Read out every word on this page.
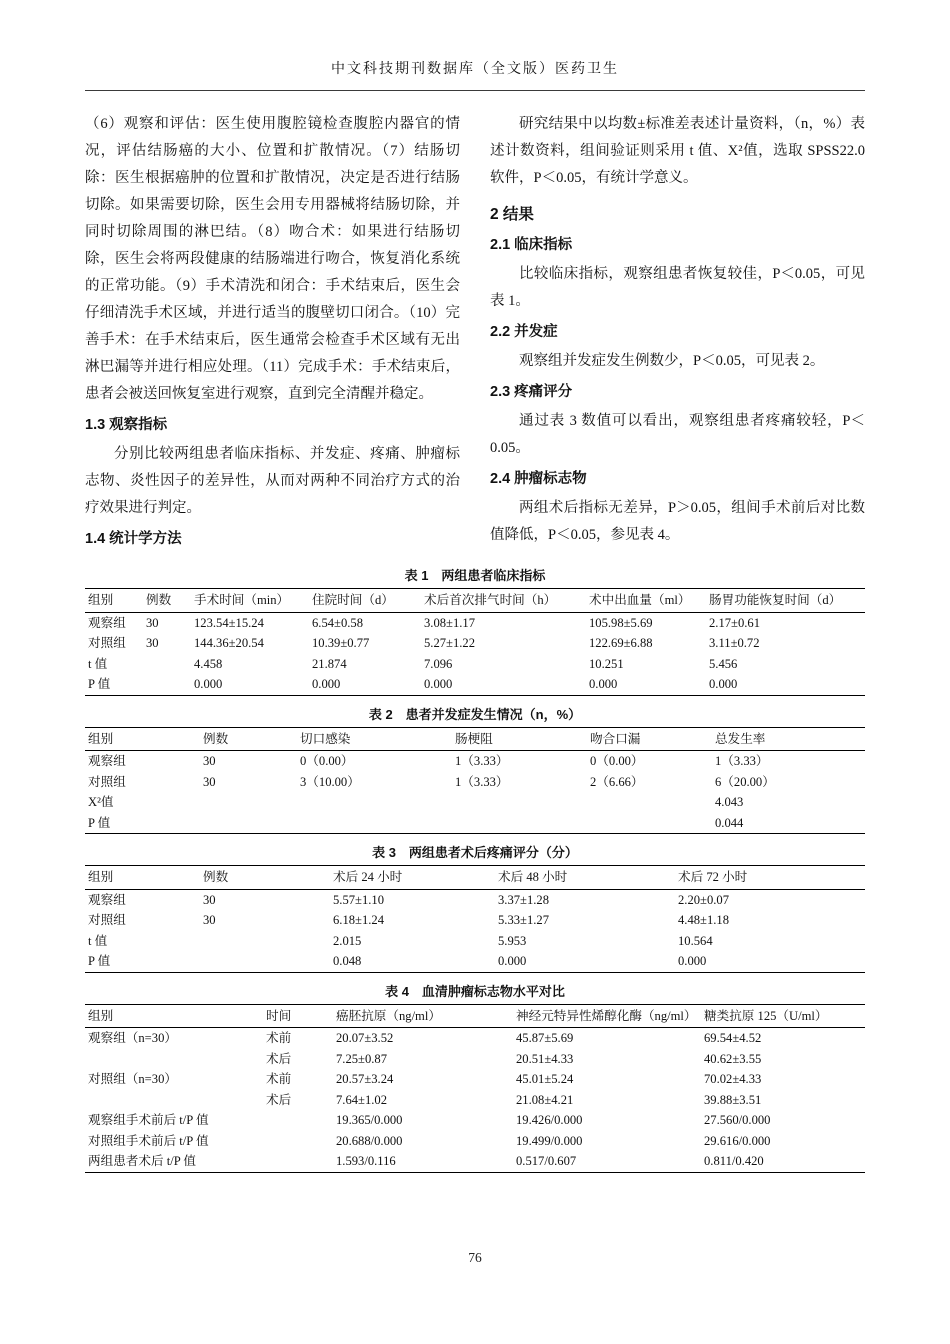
中文科技期刊数据库（全文版）医药卫生

（6）观察和评估：医生使用腹腔镜检查腹腔内器官的情况，评估结肠癌的大小、位置和扩散情况。（7）结肠切除：医生根据癌肿的位置和扩散情况，决定是否进行结肠切除。如果需要切除，医生会用专用器械将结肠切除，并同时切除周围的淋巴结。（8）吻合术：如果进行结肠切除，医生会将两段健康的结肠端进行吻合，恢复消化系统的正常功能。（9）手术清洗和闭合：手术结束后，医生会仔细清洗手术区域，并进行适当的腹壁切口闭合。（10）完善手术：在手术结束后，医生通常会检查手术区域有无出淋巴漏等并进行相应处理。（11）完成手术：手术结束后，患者会被送回恢复室进行观察，直到完全清醒并稳定。

1.3 观察指标

分别比较两组患者临床指标、并发症、疼痛、肿瘤标志物、炎性因子的差异性，从而对两种不同治疗方式的治疗效果进行判定。

1.4 统计学方法

研究结果中以均数±标准差表述计量资料，（n，%）表述计数资料，组间验证则采用 t 值、X²值，选取 SPSS22.0 软件，P＜0.05，有统计学意义。

2 结果
2.1 临床指标

比较临床指标，观察组患者恢复较佳，P＜0.05，可见表 1。

2.2 并发症

观察组并发症发生例数少，P＜0.05，可见表 2。

2.3 疼痛评分

通过表 3 数值可以看出，观察组患者疼痛较轻，P＜0.05。

2.4 肿瘤标志物

两组术后指标无差异，P＞0.05，组间手术前后对比数值降低，P＜0.05，参见表 4。

表 1　两组患者临床指标
组别	例数	手术时间（min）	住院时间（d）	术后首次排气时间（h）	术中出血量（ml）	肠胃功能恢复时间（d）
观察组	30	123.54±15.24	6.54±0.58	3.08±1.17	105.98±5.69	2.17±0.61
对照组	30	144.36±20.54	10.39±0.77	5.27±1.22	122.69±6.88	3.11±0.72
t 值		4.458	21.874	7.096	10.251	5.456
P 值		0.000	0.000	0.000	0.000	0.000
表 2　患者并发症发生情况（n，%）
组别	例数	切口感染	肠梗阻	吻合口漏	总发生率
观察组	30	0（0.00）	1（3.33）	0（0.00）	1（3.33）
对照组	30	3（10.00）	1（3.33）	2（6.66）	6（20.00）
X²值					4.043
P 值					0.044
表 3　两组患者术后疼痛评分（分）
组别	例数	术后 24 小时	术后 48 小时	术后 72 小时
观察组	30	5.57±1.10	3.37±1.28	2.20±0.07
对照组	30	6.18±1.24	5.33±1.27	4.48±1.18
t 值		2.015	5.953	10.564
P 值		0.048	0.000	0.000
表 4　血清肿瘤标志物水平对比
组别	时间	癌胚抗原（ng/ml）	神经元特异性烯醇化酶（ng/ml）	糖类抗原 125（U/ml）
观察组（n=30）	术前	20.07±3.52	45.87±5.69	69.54±4.52
	术后	7.25±0.87	20.51±4.33	40.62±3.55
对照组（n=30）	术前	20.57±3.24	45.01±5.24	70.02±4.33
	术后	7.64±1.02	21.08±4.21	39.88±3.51
观察组手术前后 t/P 值		19.365/0.000	19.426/0.000	27.560/0.000
对照组手术前后 t/P 值		20.688/0.000	19.499/0.000	29.616/0.000
两组患者术后 t/P 值		1.593/0.116	0.517/0.607	0.811/0.420
76
